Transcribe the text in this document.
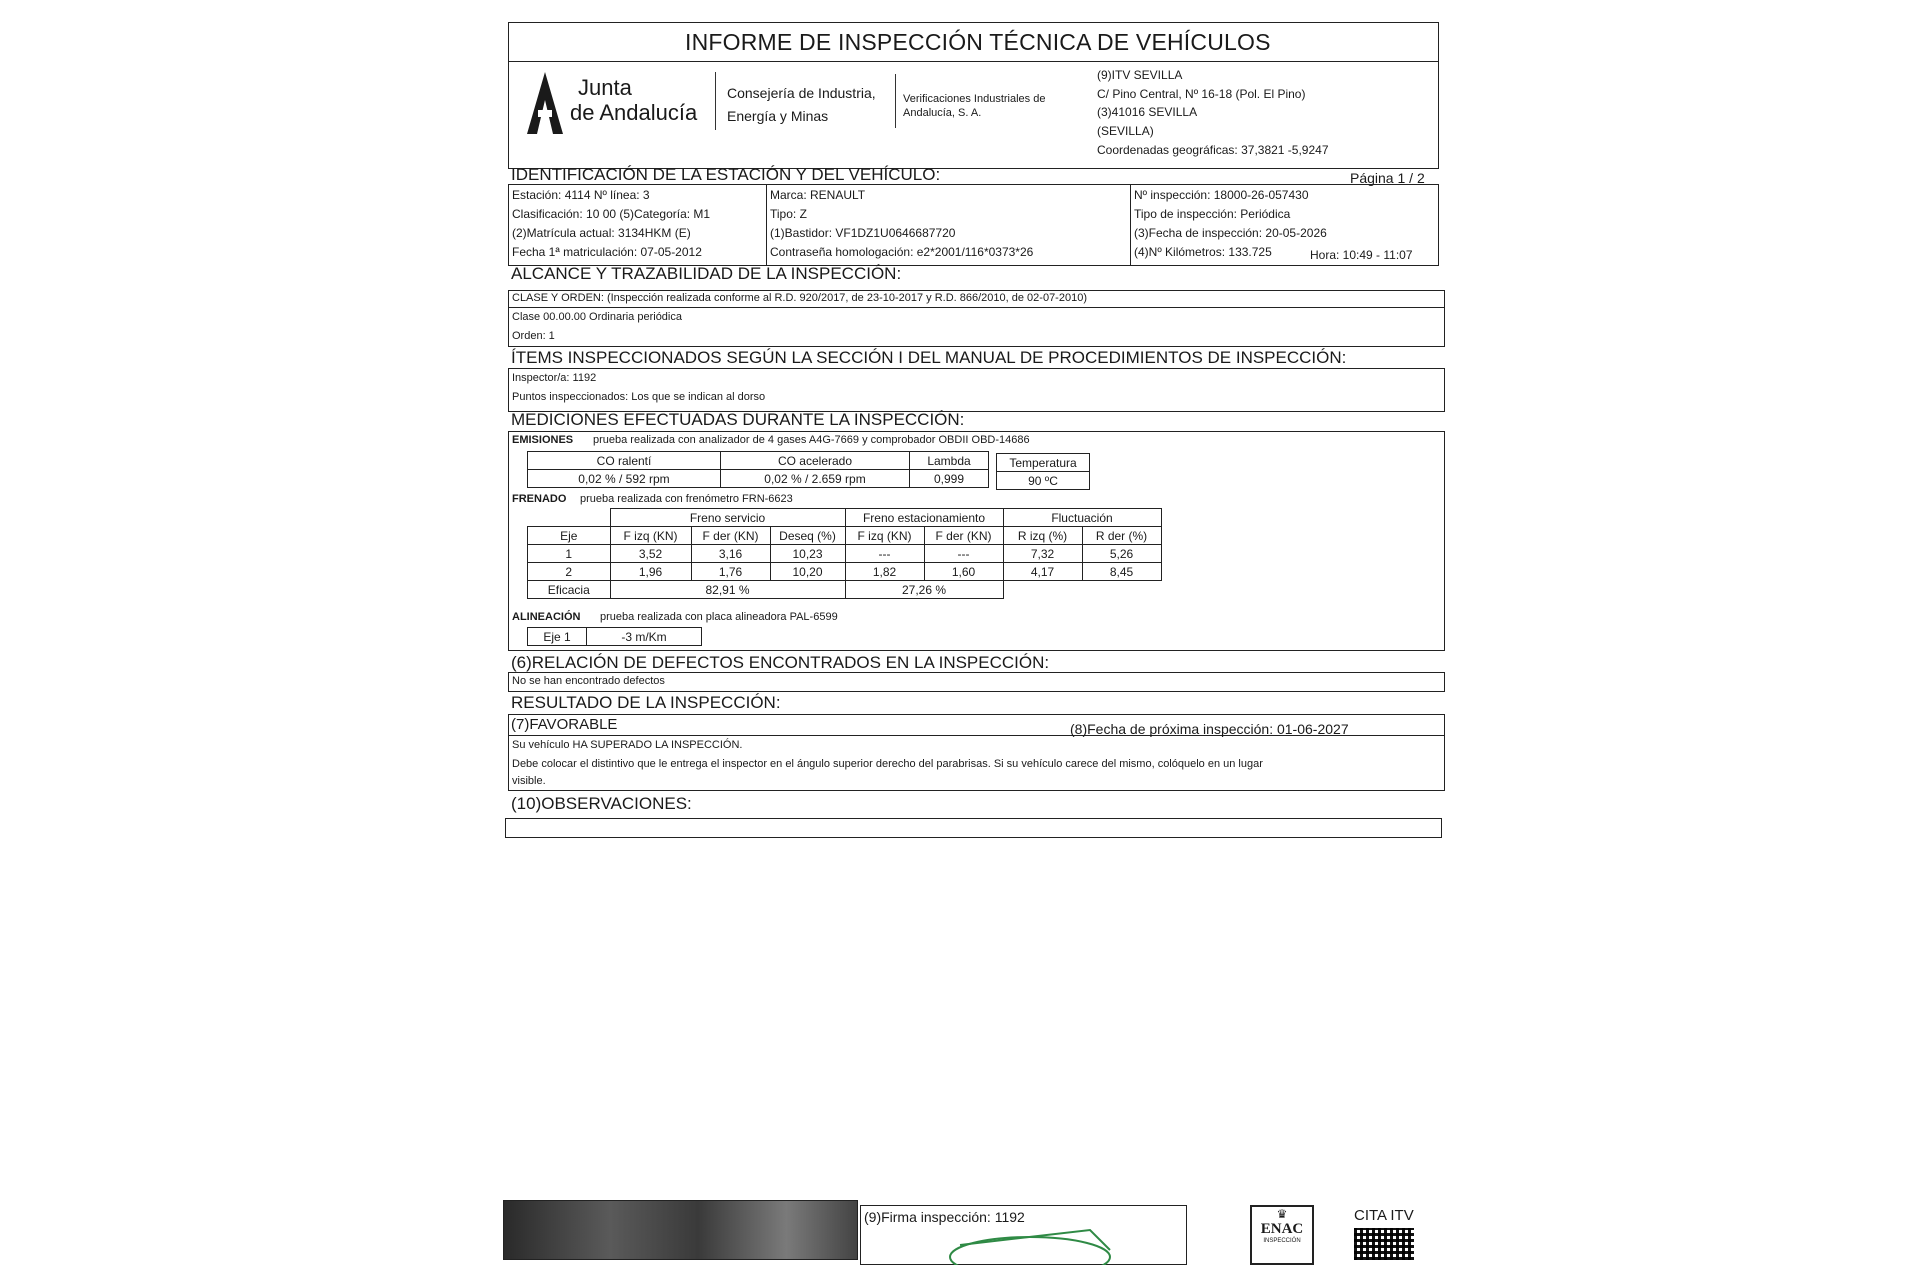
INFORME DE INSPECCIÓN TÉCNICA DE VEHÍCULOS
Junta
de Andalucía
Consejería de Industria,
Energía y Minas
Verificaciones Industriales de
Andalucía, S. A.
(9)ITV SEVILLA
C/ Pino Central, Nº 16-18 (Pol. El Pino)
(3)41016 SEVILLA
(SEVILLA)
Coordenadas geográficas: 37,3821 -5,9247
IDENTIFICACIÓN DE LA ESTACIÓN Y DEL VEHÍCULO:	Página 1 / 2
Estación: 4114 Nº línea: 3
Clasificación: 10 00 (5)Categoría: M1
(2)Matrícula actual: 3134HKM (E)
Fecha 1ª matriculación: 07-05-2012
Marca: RENAULT
Tipo: Z
(1)Bastidor: VF1DZ1U0646687720
Contraseña homologación: e2*2001/116*0373*26
Nº inspección: 18000-26-057430
Tipo de inspección: Periódica
(3)Fecha de inspección: 20-05-2026
(4)Nº Kilómetros: 133.725	Hora: 10:49 - 11:07
ALCANCE Y TRAZABILIDAD DE LA INSPECCIÓN:
CLASE Y ORDEN: (Inspección realizada conforme al R.D. 920/2017, de 23-10-2017 y R.D. 866/2010, de 02-07-2010)
Clase 00.00.00 Ordinaria periódica
Orden: 1
ÍTEMS INSPECCIONADOS SEGÚN LA SECCIÓN I DEL MANUAL DE PROCEDIMIENTOS DE INSPECCIÓN:
Inspector/a: 1192
Puntos inspeccionados: Los que se indican al dorso
MEDICIONES EFECTUADAS DURANTE LA INSPECCIÓN:
EMISIONES prueba realizada con analizador de 4 gases A4G-7669 y comprobador OBDII OBD-14686
CO ralentí	CO acelerado	Lambda
0,02 % / 592 rpm	0,02 % / 2.659 rpm	0,999
Temperatura
90 ºC
FRENADO prueba realizada con frenómetro FRN-6623
	Freno servicio			Freno estacionamiento		Fluctuación	
Eje	F izq (KN)	F der (KN)	Deseq (%)	F izq (KN)	F der (KN)	R izq (%)	R der (%)
1	3,52	3,16	10,23	---	---	7,32	5,26
2	1,96	1,76	10,20	1,82	1,60	4,17	8,45
Eficacia	82,91 %			27,26 %			
ALINEACIÓN prueba realizada con placa alineadora PAL-6599
Eje 1	-3 m/Km
(6)RELACIÓN DE DEFECTOS ENCONTRADOS EN LA INSPECCIÓN:
No se han encontrado defectos
RESULTADO DE LA INSPECCIÓN:
(7)FAVORABLE	(8)Fecha de próxima inspección: 01-06-2027
Su vehículo HA SUPERADO LA INSPECCIÓN.
Debe colocar el distintivo que le entrega el inspector en el ángulo superior derecho del parabrisas. Si su vehículo carece del mismo, colóquelo en un lugar
visible.
(10)OBSERVACIONES:
(9)Firma inspección: 1192	♛
ENAC
INSPECCIÓN
CITA ITV
